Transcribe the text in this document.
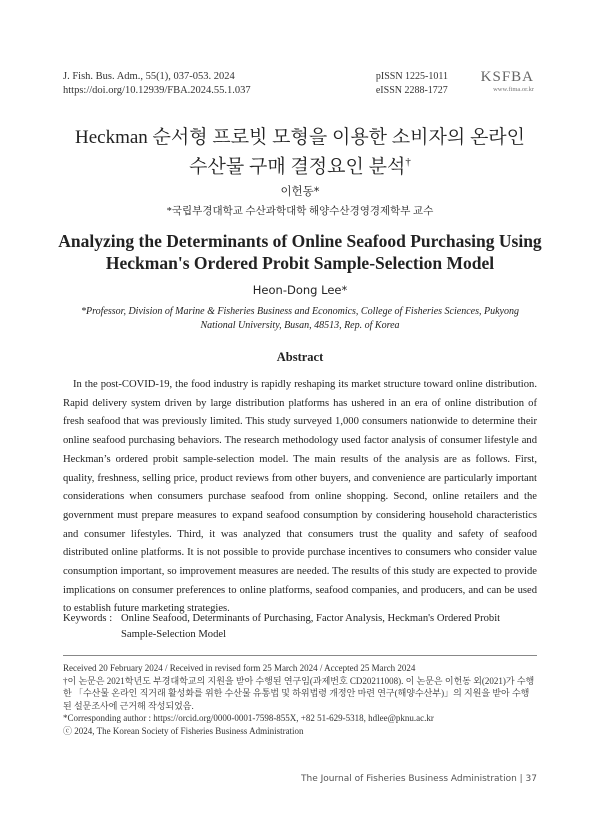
J. Fish. Bus. Adm., 55(1), 037-053. 2024
https://doi.org/10.12939/FBA.2024.55.1.037
pISSN 1225-1011
eISSN 2288-1727
KSFBA
www.fima.or.kr
Heckman 순서형 프로빗 모형을 이용한 소비자의 온라인
수산물 구매 결정요인 분석†
이헌동*
*국립부경대학교 수산과학대학 해양수산경영경제학부 교수
Analyzing the Determinants of Online Seafood Purchasing Using
Heckman's Ordered Probit Sample-Selection Model
Heon-Dong Lee*
*Professor, Division of Marine & Fisheries Business and Economics, College of Fisheries Sciences, Pukyong National University, Busan, 48513, Rep. of Korea
Abstract

In the post-COVID-19, the food industry is rapidly reshaping its market structure toward online distribution. Rapid delivery system driven by large distribution platforms has ushered in an era of online distribution of fresh seafood that was previously limited. This study surveyed 1,000 consumers nationwide to determine their online seafood purchasing behaviors. The research methodology used factor analysis of consumer lifestyle and Heckman’s ordered probit sample-selection model. The main results of the analysis are as follows. First, quality, freshness, selling price, product reviews from other buyers, and convenience are particularly important considerations when consumers purchase seafood from online shopping. Second, online retailers and the government must prepare measures to expand seafood consumption by considering household characteristics and consumer lifestyles. Third, it was analyzed that consumers trust the quality and safety of seafood distributed online platforms. It is not possible to provide purchase incentives to consumers who consider value consumption important, so improvement measures are needed. The results of this study are expected to provide implications on consumer preferences to online platforms, seafood companies, and producers, and can be used to establish future marketing strategies.

Keywords : Online Seafood, Determinants of Purchasing, Factor Analysis, Heckman's Ordered Probit Sample-Selection Model

Received 20 February 2024 / Received in revised form 25 March 2024 / Accepted 25 March 2024

†이 논문은 2021학년도 부경대학교의 지원을 받아 수행된 연구임(과제번호 CD20211008). 이 논문은 이헌동 외(2021)가 수행한 「수산물 온라인 직거래 활성화를 위한 수산물 유통법 및 하위법령 개정안 마련 연구(해양수산부)」의 지원을 받아 수행된 설문조사에 근거해 작성되었음.

*Corresponding author : https://orcid.org/0000-0001-7598-855X, +82 51-629-5318, hdlee@pknu.ac.kr

ⓒ 2024, The Korean Society of Fisheries Business Administration

The Journal of Fisheries Business Administration | 37
